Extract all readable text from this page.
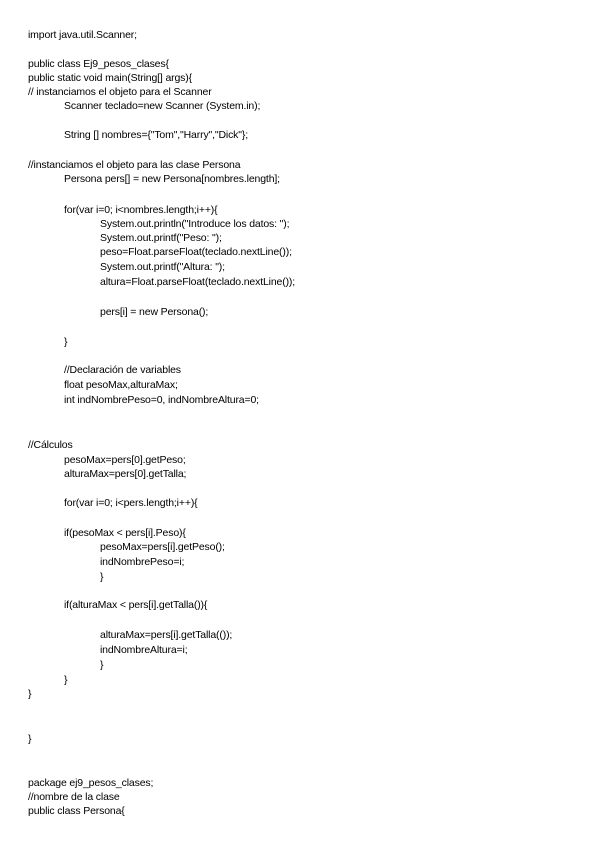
import java.util.Scanner;
public class Ej9_pesos_clases{
public static void main(String[] args){
// instanciamos el objeto para el Scanner
Scanner teclado=new Scanner (System.in);
String [] nombres={"Tom","Harry","Dick"};
//instanciamos el objeto para las clase Persona
Persona pers[] = new Persona[nombres.length];
for(var i=0; i<nombres.length;i++){
System.out.println("Introduce los datos: ");
System.out.printf("Peso: ");
peso=Float.parseFloat(teclado.nextLine());
System.out.printf("Altura: ");
altura=Float.parseFloat(teclado.nextLine());
pers[i] = new Persona();
}
//Declaración de variables
float pesoMax,alturaMax;
int indNombrePeso=0, indNombreAltura=0;
//Cálculos
pesoMax=pers[0].getPeso;
alturaMax=pers[0].getTalla;
for(var i=0; i<pers.length;i++){
if(pesoMax < pers[i].Peso){
pesoMax=pers[i].getPeso();
indNombrePeso=i;
}
if(alturaMax < pers[i].getTalla()){
alturaMax=pers[i].getTalla(());
indNombreAltura=i;
}
}
}
}
package ej9_pesos_clases;
//nombre de la clase
public class Persona{
